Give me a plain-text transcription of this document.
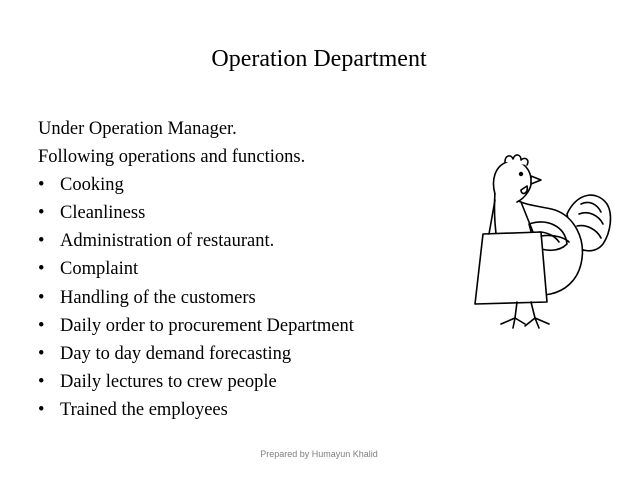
Operation Department
Under Operation Manager.
Following operations and functions.
• Cooking
• Cleanliness
• Administration of restaurant.
• Complaint
• Handling of the customers
• Daily order to procurement Department
• Day to day demand forecasting
• Daily lectures to crew people
• Trained the employees
Prepared by Humayun Khalid
